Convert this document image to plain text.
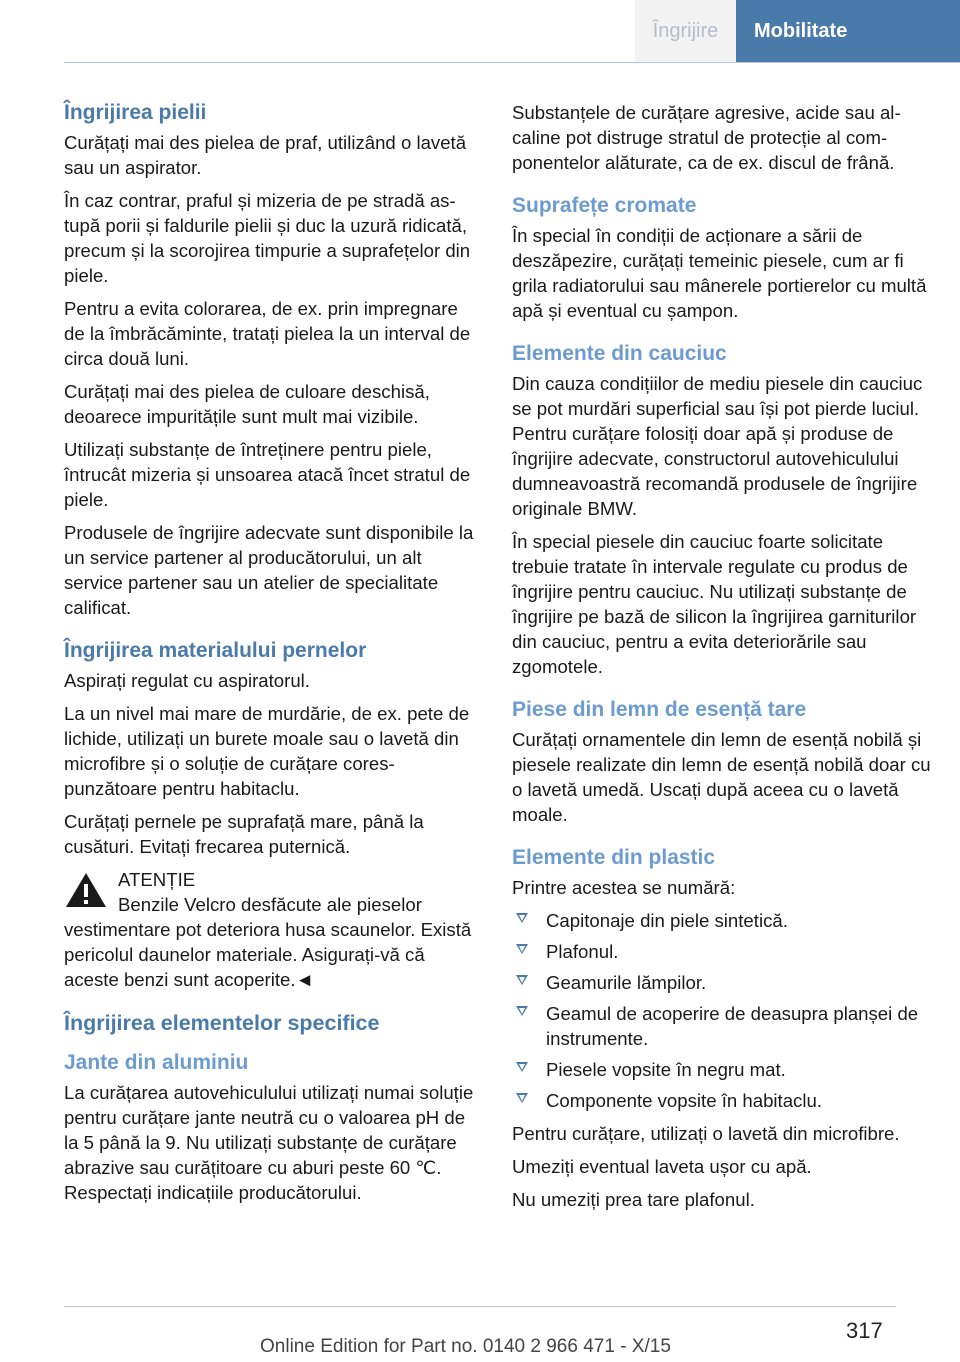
Îngrijire	Mobilitate
Îngrijirea pielii

Curățați mai des pielea de praf, utilizând o lavetă sau un aspirator.

În caz contrar, praful și mizeria de pe stradă astupă porii și faldurile pielii și duc la uzură ridicată, precum și la scorojirea timpurie a suprafețelor din piele.

Pentru a evita colorarea, de ex. prin impregnare de la îmbrăcăminte, tratați pielea la un interval de circa două luni.

Curățați mai des pielea de culoare deschisă, deoarece impuritățile sunt mult mai vizibile.

Utilizați substanțe de întreținere pentru piele, întrucât mizeria și unsoarea atacă încet stratul de piele.

Produsele de îngrijire adecvate sunt disponibile la un service partener al producătorului, un alt service partener sau un atelier de specialitate calificat.

Îngrijirea materialului pernelor

Aspirați regulat cu aspiratorul.

La un nivel mai mare de murdărie, de ex. pete de lichide, utilizați un burete moale sau o lavetă din microfibre și o soluție de curățare corespunzătoare pentru habitaclu.

Curățați pernele pe suprafață mare, până la cusături. Evitați frecarea puternică.

ATENȚIE
Benzile Velcro desfăcute ale pieselor
vestimentare pot deteriora husa scaunelor. Există pericolul daunelor materiale. Asigurați-vă că aceste benzi sunt acoperite.◄
Îngrijirea elementelor specifice
Jante din aluminiu

La curățarea autovehiculului utilizați numai soluție pentru curățare jante neutră cu o valoarea pH de la 5 până la 9. Nu utilizați substanțe de curățare abrazive sau curățitoare cu aburi peste 60 ℃. Respectați indicațiile producătorului.

Substanțele de curățare agresive, acide sau alcaline pot distruge stratul de protecție al componentelor alăturate, ca de ex. discul de frână.

Suprafețe cromate

În special în condiții de acționare a sării de deszăpezire, curățați temeinic piesele, cum ar fi grila radiatorului sau mânerele portierelor cu multă apă și eventual cu șampon.

Elemente din cauciuc

Din cauza condițiilor de mediu piesele din cauciuc se pot murdări superficial sau își pot pierde luciul. Pentru curățare folosiți doar apă și produse de îngrijire adecvate, constructorul autovehiculului dumneavoastră recomandă produsele de îngrijire originale BMW.

În special piesele din cauciuc foarte solicitate trebuie tratate în intervale regulate cu produs de îngrijire pentru cauciuc. Nu utilizați substanțe de îngrijire pe bază de silicon la îngrijirea garniturilor din cauciuc, pentru a evita deteriorările sau zgomotele.

Piese din lemn de esență tare

Curățați ornamentele din lemn de esență nobilă și piesele realizate din lemn de esență nobilă doar cu o lavetă umedă. Uscați după aceea cu o lavetă moale.

Elemente din plastic

Printre acestea se numără:

Capitonaje din piele sintetică.
Plafonul.
Geamurile lămpilor.
Geamul de acoperire de deasupra planșei de instrumente.
Piesele vopsite în negru mat.
Componente vopsite în habitaclu.

Pentru curățare, utilizați o lavetă din microfibre.

Umeziți eventual laveta ușor cu apă.

Nu umeziți prea tare plafonul.

317
Online Edition for Part no. 0140 2 966 471 - X/15
